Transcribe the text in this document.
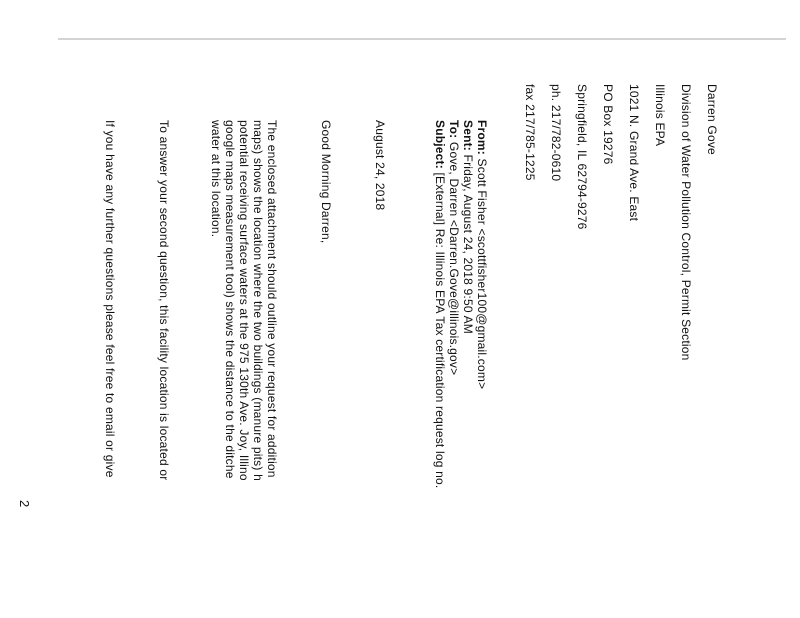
Darren Gove
Division of Water Pollution Control, Permit Section
Illinois EPA
1021 N. Grand Ave. East
PO Box 19276
Springfield, IL 62794-9276
ph. 217/782-0610
fax 217/785-1225
From: Scott Fisher <scottfisher100@gmail.com>
Sent: Friday, August 24, 2018 9:50 AM
To: Gove, Darren <Darren.Gove@illinois.gov>
Subject: [External] Re: Illinois EPA Tax certification request log no.
August 24, 2018
Good Morning Darren,
The enclosed attachment should outline your request for addition
maps) shows the location where the two buildings (manure pits) h
potential receiving surface waters at the 975 130th Ave. Joy, Illino
google maps measurement tool) shows the distance to the ditche
water at this location.
To answer your second question, this facility location is located or
If you have any further questions please feel free to email or give
2
